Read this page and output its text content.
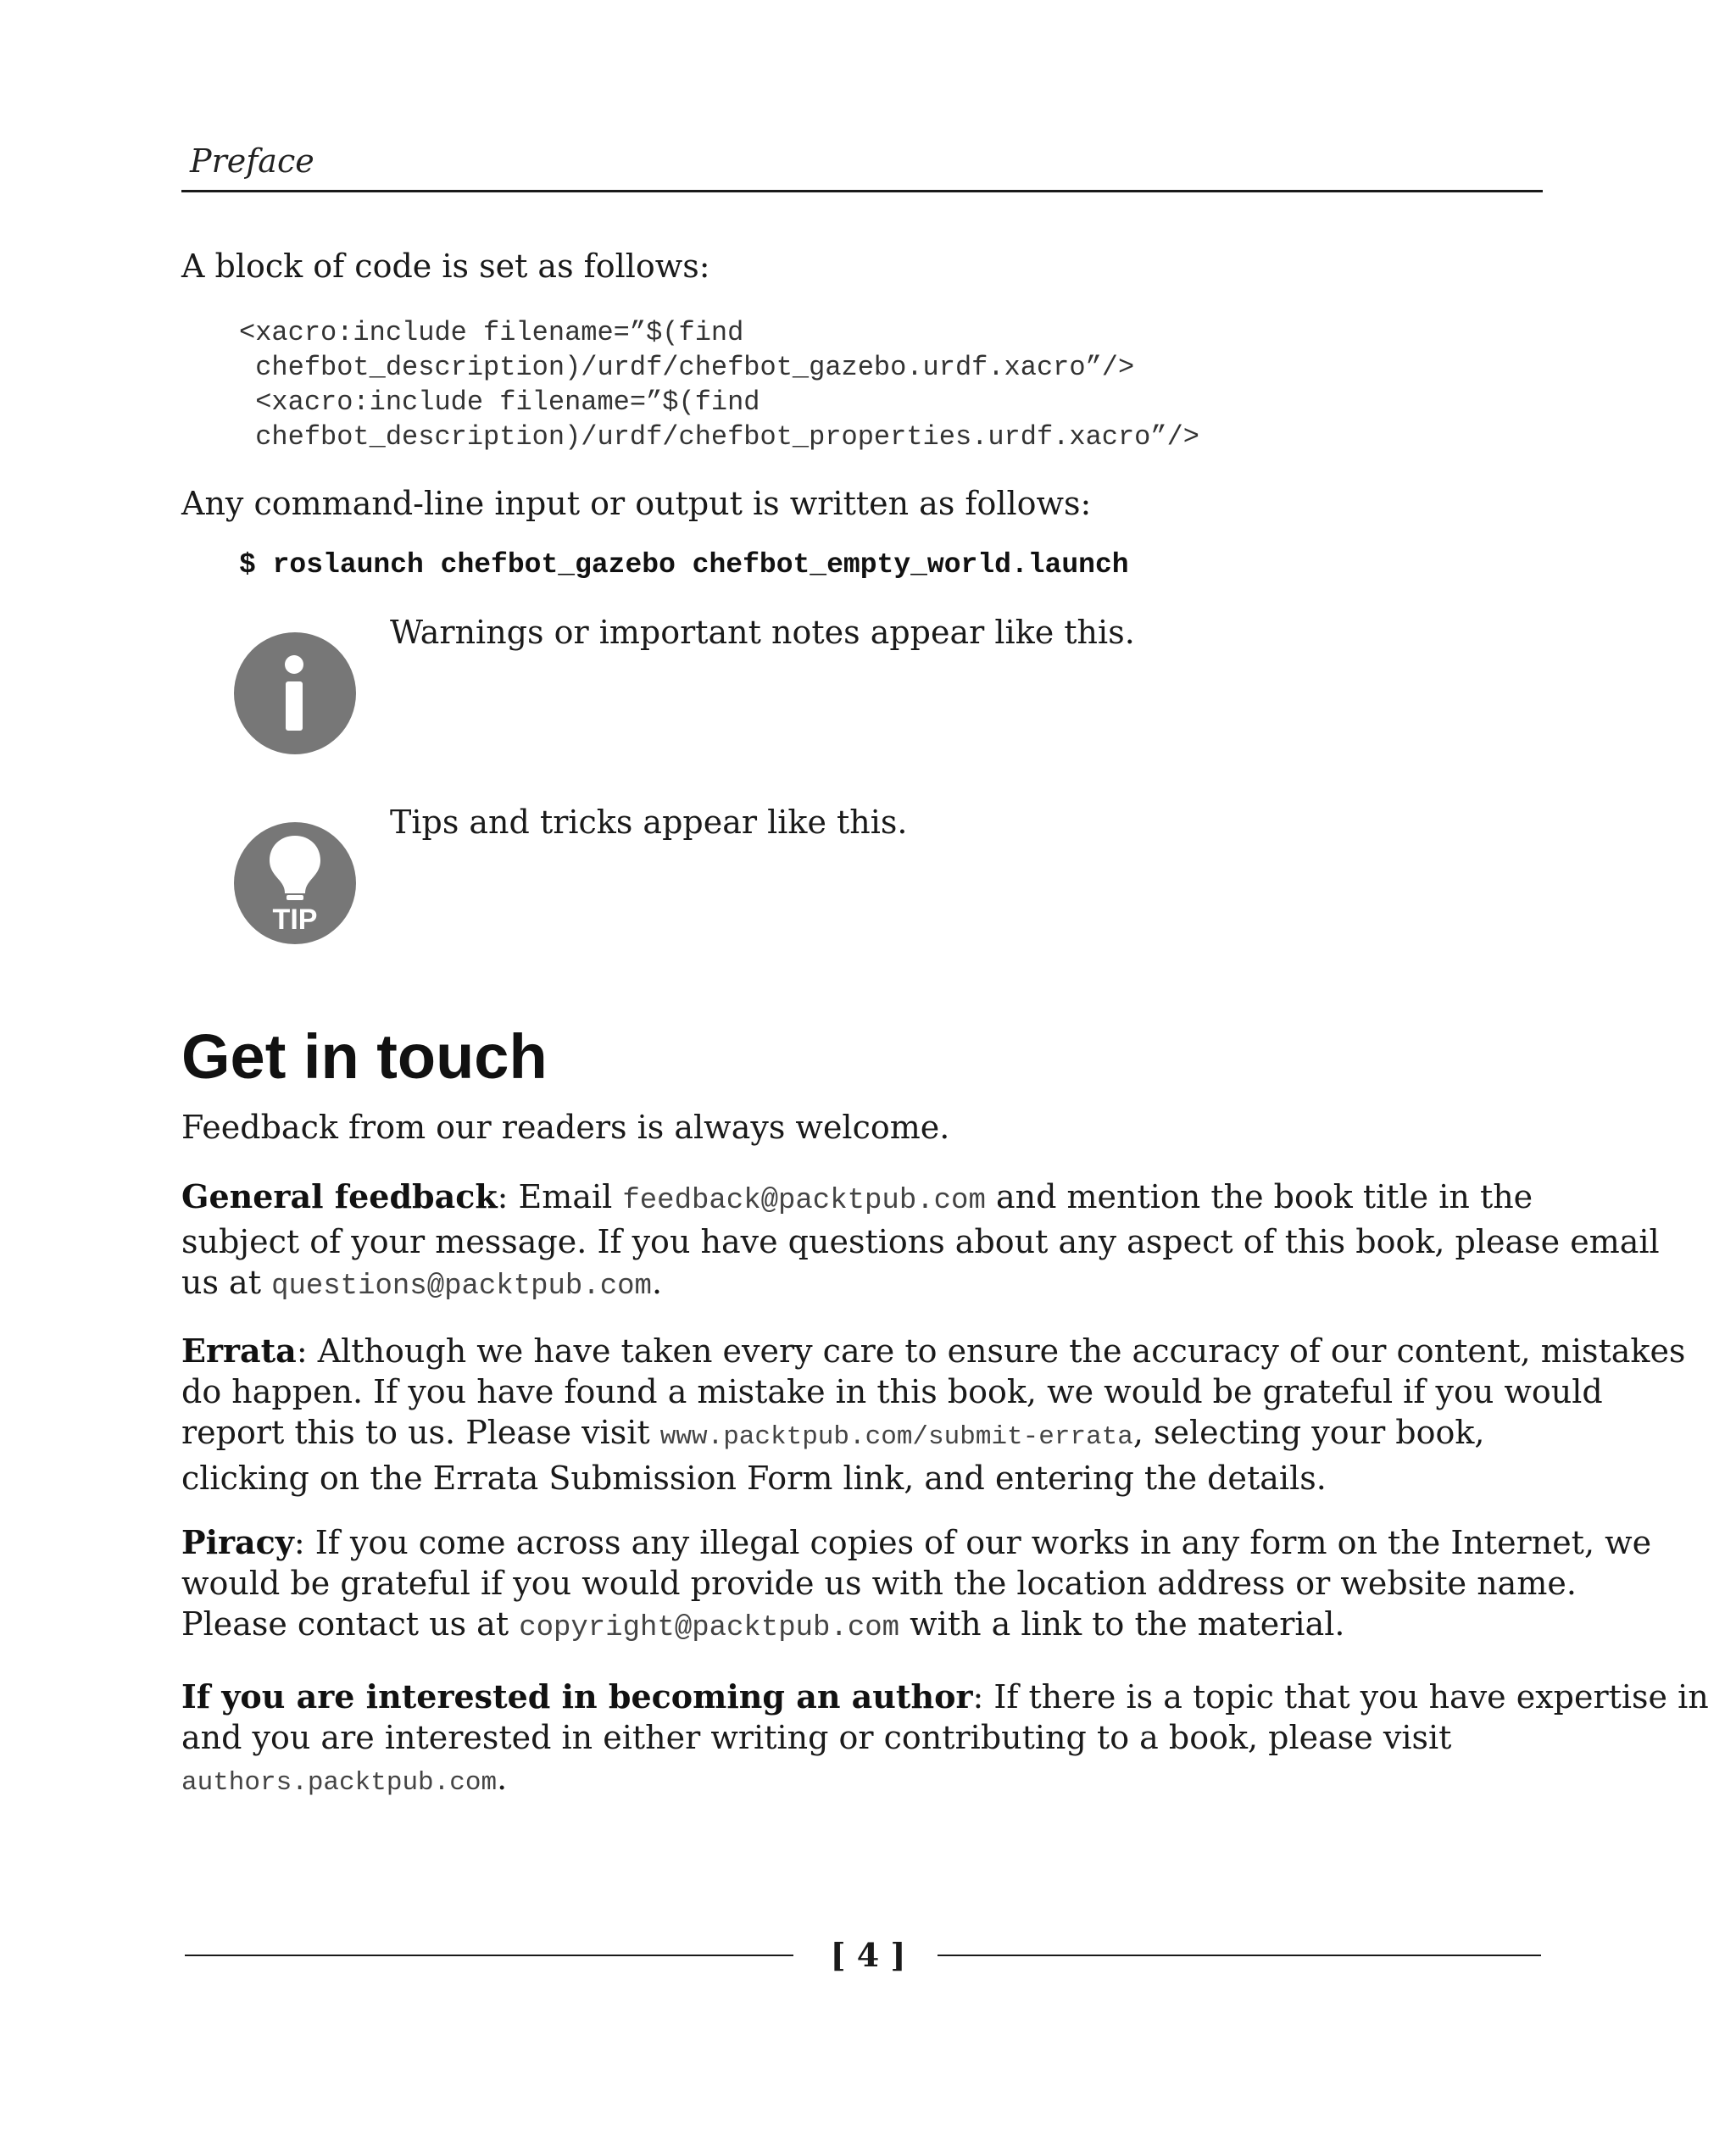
Preface
A block of code is set as follows:
<xacro:include filename=”$(find
chefbot_description)/urdf/chefbot_gazebo.urdf.xacro”/>
<xacro:include filename=”$(find
chefbot_description)/urdf/chefbot_properties.urdf.xacro”/>
Any command-line input or output is written as follows:
$ roslaunch chefbot_gazebo chefbot_empty_world.launch
Warnings or important notes appear like this.
TIP
Tips and tricks appear like this.
Get in touch
Feedback from our readers is always welcome.
General feedback: Email feedback@packtpub.com and mention the book title in the
subject of your message. If you have questions about any aspect of this book, please email
us at questions@packtpub.com.
Errata: Although we have taken every care to ensure the accuracy of our content, mistakes
do happen. If you have found a mistake in this book, we would be grateful if you would
report this to us. Please visit www.packtpub.com/submit-errata, selecting your book,
clicking on the Errata Submission Form link, and entering the details.
Piracy: If you come across any illegal copies of our works in any form on the Internet, we
would be grateful if you would provide us with the location address or website name.
Please contact us at copyright@packtpub.com with a link to the material.
If you are interested in becoming an author: If there is a topic that you have expertise in
and you are interested in either writing or contributing to a book, please visit
authors.packtpub.com.
[ 4 ]
